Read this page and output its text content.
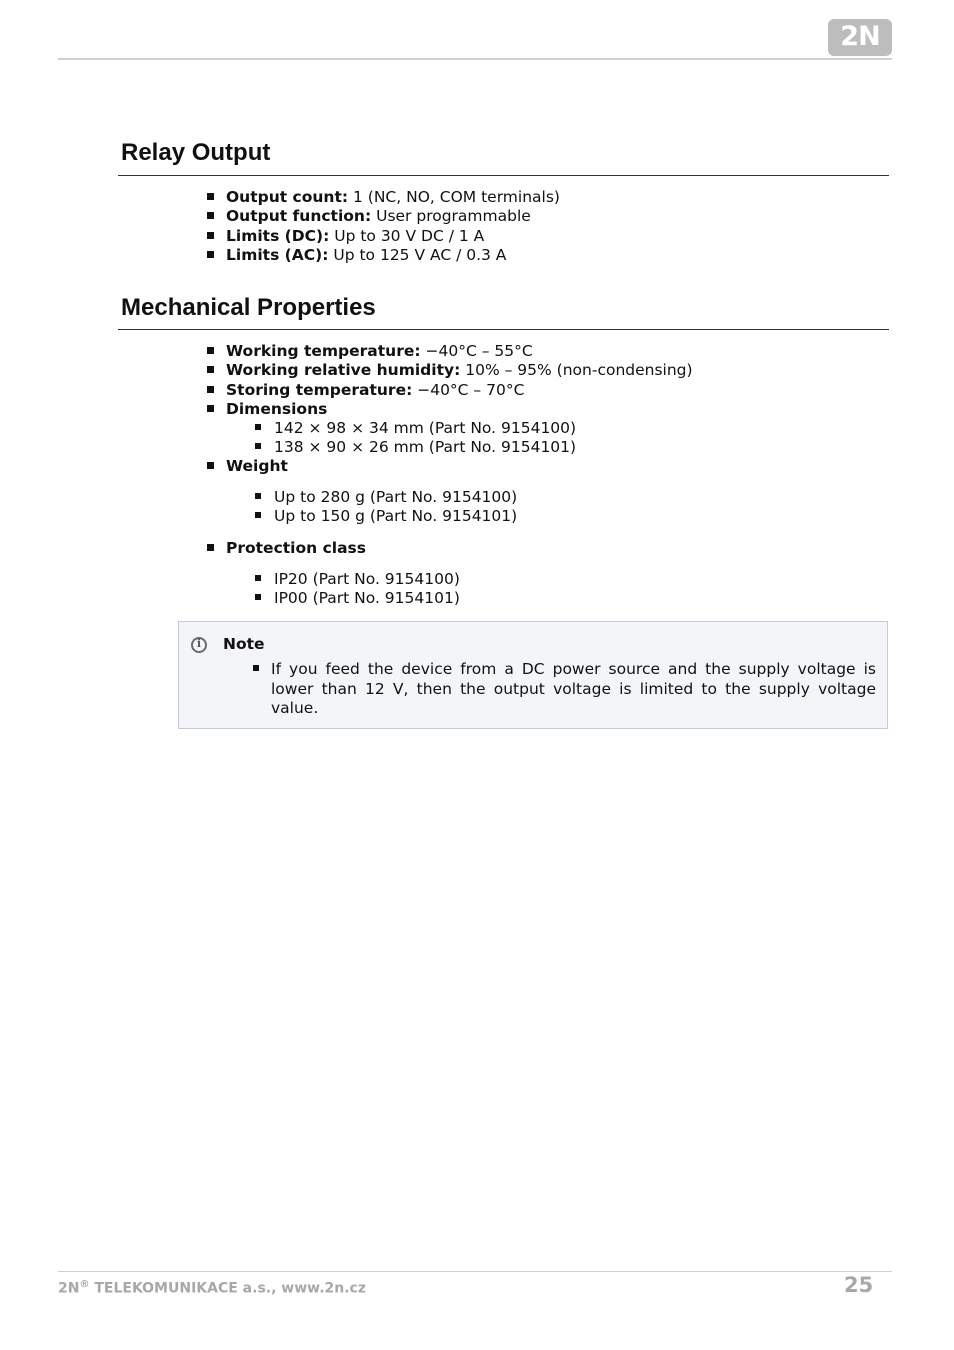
2N
Relay Output
Output count: 1 (NC, NO, COM terminals)
Output function: User programmable
Limits (DC): Up to 30 V DC / 1 A
Limits (AC): Up to 125 V AC / 0.3 A
Mechanical Properties
Working temperature: −40°C – 55°C
Working relative humidity: 10% – 95% (non-condensing)
Storing temperature: −40°C – 70°C
Dimensions
142 × 98 × 34 mm (Part No. 9154100)
138 × 90 × 26 mm (Part No. 9154101)
Weight
Up to 280 g (Part No. 9154100)
Up to 150 g (Part No. 9154101)
Protection class
IP20 (Part No. 9154100)
IP00 (Part No. 9154101)
i Note
If you feed the device from a DC power source and the supply voltage is lower than 12 V, then the output voltage is limited to the supply voltage value.
2N® TELEKOMUNIKACE a.s., www.2n.cz	25
